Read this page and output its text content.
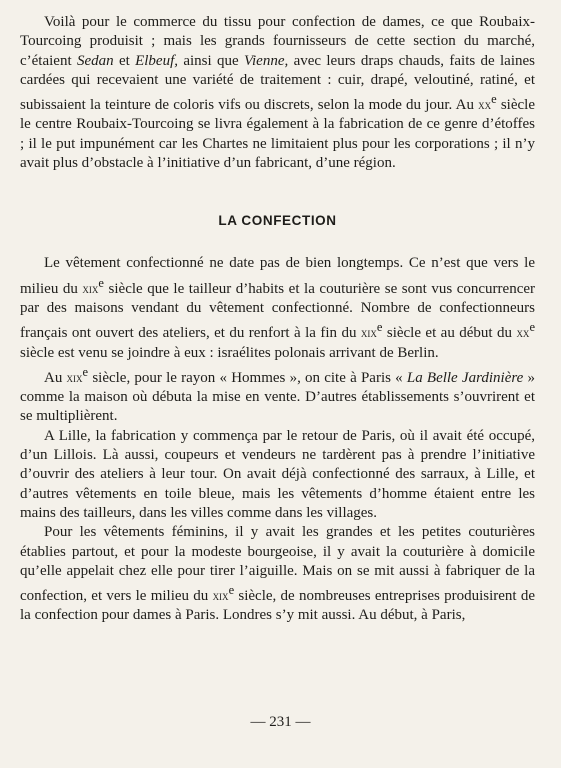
Voilà pour le commerce du tissu pour confection de dames, ce que Roubaix-Tourcoing produisit ; mais les grands fournisseurs de cette section du marché, c’étaient Sedan et Elbeuf, ainsi que Vienne, avec leurs draps chauds, faits de laines cardées qui recevaient une variété de traitement : cuir, drapé, veloutiné, ratiné, et subissaient la teinture de coloris vifs ou discrets, selon la mode du jour. Au $xx^e$ siècle le centre Roubaix-Tourcoing se livra également à la fabrication de ce genre d’étoffes ; il le put impunément car les Chartes ne limitaient plus pour les corporations ; il n’y avait plus d’obstacle à l’initiative d’un fabricant, d’une région.

LA CONFECTION

Le vêtement confectionné ne date pas de bien longtemps. Ce n’est que vers le milieu du xix$^e$ siècle que le tailleur d’habits et la couturière se sont vus concurrencer par des maisons vendant du vêtement confectionné. Nombre de confectionneurs français ont ouvert des ateliers, et du renfort à la fin du xix$^e$ siècle et au début du $xx^e$ siècle est venu se joindre à eux : israélites polonais arrivant de Berlin.

Au xix$^e$ siècle, pour le rayon « Hommes », on cite à Paris « La Belle Jardinière » comme la maison où débuta la mise en vente. D’autres établissements s’ouvrirent et se multiplièrent.

A Lille, la fabrication y commença par le retour de Paris, où il avait été occupé, d’un Lillois. Là aussi, coupeurs et vendeurs ne tardèrent pas à prendre l’initiative d’ouvrir des ateliers à leur tour. On avait déjà confectionné des sarraux, à Lille, et d’autres vêtements en toile bleue, mais les vêtements d’homme étaient entre les mains des tailleurs, dans les villes comme dans les villages.

Pour les vêtements féminins, il y avait les grandes et les petites couturières établies partout, et pour la modeste bourgeoise, il y avait la couturière à domicile qu’elle appelait chez elle pour tirer l’aiguille. Mais on se mit aussi à fabriquer de la confection, et vers le milieu du xix$^e$ siècle, de nombreuses entreprises produisirent de la confection pour dames à Paris. Londres s’y mit aussi. Au début, à Paris,

— 231 —
